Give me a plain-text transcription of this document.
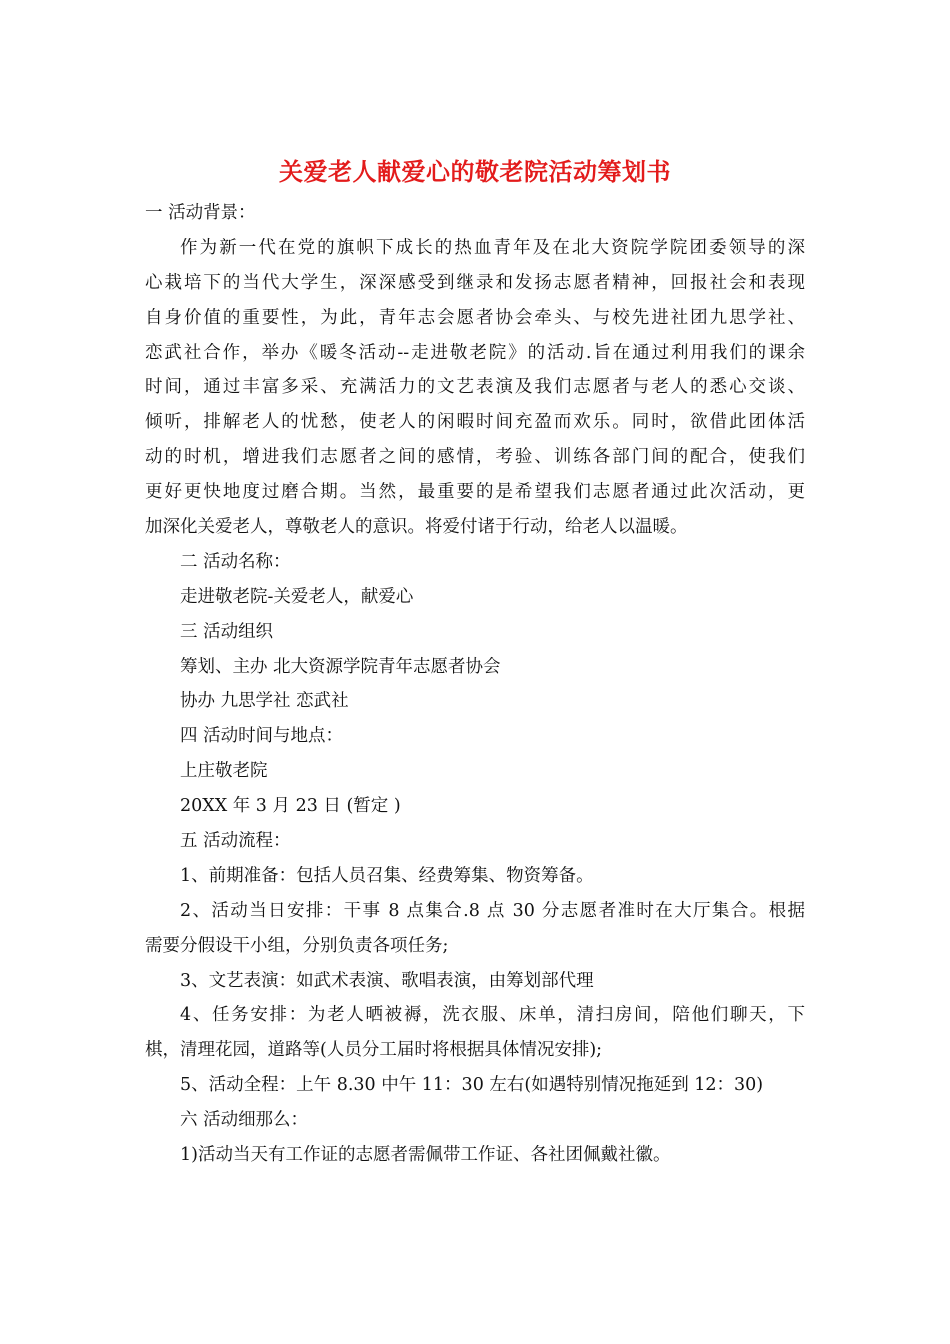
关爱老人献爱心的敬老院活动筹划书
一 活动背景：
作为新一代在党的旗帜下成长的热血青年及在北大资院学院团委领导的深
心栽培下的当代大学生，深深感受到继录和发扬志愿者精神，回报社会和表现
自身价值的重要性，为此，青年志会愿者协会牵头、与校先进社团九思学社、
恋武社合作，举办《暖冬活动--走进敬老院》的活动.旨在通过利用我们的课余
时间，通过丰富多采、充满活力的文艺表演及我们志愿者与老人的悉心交谈、
倾听，排解老人的忧愁，使老人的闲暇时间充盈而欢乐。同时，欲借此团体活
动的时机，增进我们志愿者之间的感情，考验、训练各部门间的配合，使我们
更好更快地度过磨合期。当然，最重要的是希望我们志愿者通过此次活动，更
加深化关爱老人，尊敬老人的意识。将爱付诸于行动，给老人以温暖。
二 活动名称：
走进敬老院-关爱老人，献爱心
三 活动组织
筹划、主办 北大资源学院青年志愿者协会
协办 九思学社 恋武社
四 活动时间与地点：
上庄敬老院
20XX 年 3 月 23 日 (暂定 )
五 活动流程：
1、前期准备：包括人员召集、经费筹集、物资筹备。
2、活动当日安排：干事 8 点集合.8 点 30 分志愿者准时在大厅集合。根据
需要分假设干小组，分别负责各项任务;
3、文艺表演：如武术表演、歌唱表演，由筹划部代理
4、任务安排：为老人晒被褥，洗衣服、床单，清扫房间，陪他们聊天，下
棋，清理花园，道路等(人员分工届时将根据具体情况安排);
5、活动全程：上午 8.30 中午 11：30 左右(如遇特别情况拖延到 12：30)
六 活动细那么：
1)活动当天有工作证的志愿者需佩带工作证、各社团佩戴社徽。
